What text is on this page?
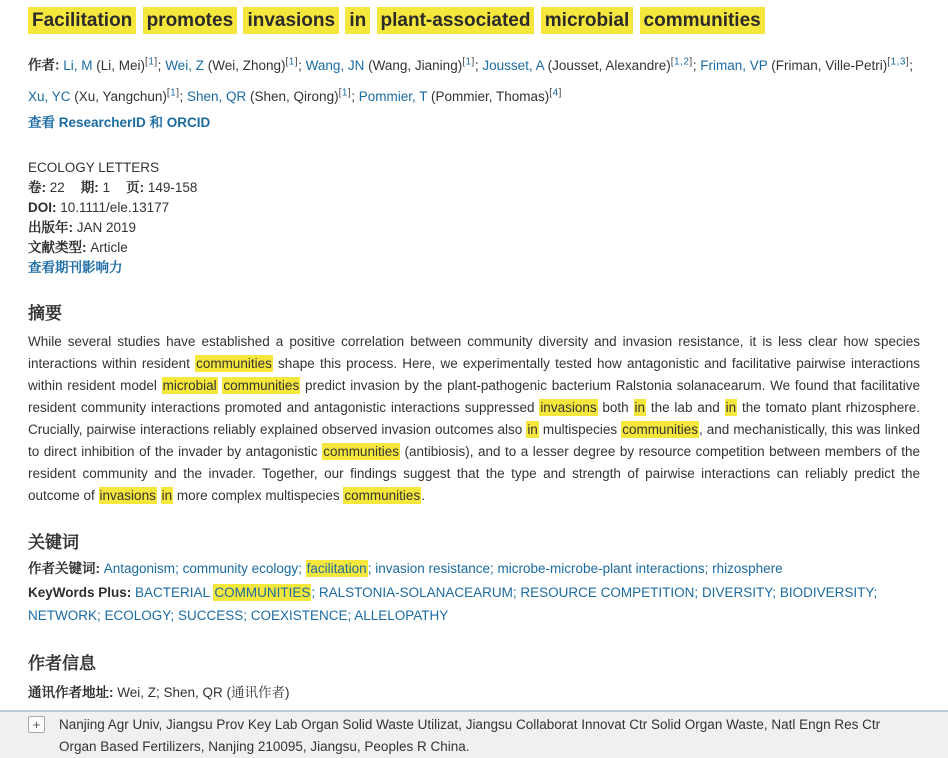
Facilitation promotes invasions in plant-associated microbial communities

作者: Li, M (Li, Mei)[1]; Wei, Z (Wei, Zhong)[1]; Wang, JN (Wang, Jianing)[1]; Jousset, A (Jousset, Alexandre)[1,2]; Friman, VP (Friman, Ville-Petri)[1,3]; Xu, YC (Xu, Yangchun)[1]; Shen, QR (Shen, Qirong)[1]; Pommier, T (Pommier, Thomas)[4]

查看 ResearcherID 和 ORCID

ECOLOGY LETTERS
卷: 22 期: 1 页: 149-158
DOI: 10.1111/ele.13177
出版年: JAN 2019
文献类型: Article
查看期刊影响力
摘要

While several studies have established a positive correlation between community diversity and invasion resistance, it is less clear how species interactions within resident communities shape this process. Here, we experimentally tested how antagonistic and facilitative pairwise interactions within resident model microbial communities predict invasion by the plant-pathogenic bacterium Ralstonia solanacearum. We found that facilitative resident community interactions promoted and antagonistic interactions suppressed invasions both in the lab and in the tomato plant rhizosphere. Crucially, pairwise interactions reliably explained observed invasion outcomes also in multispecies communities, and mechanistically, this was linked to direct inhibition of the invader by antagonistic communities (antibiosis), and to a lesser degree by resource competition between members of the resident community and the invader. Together, our findings suggest that the type and strength of pairwise interactions can reliably predict the outcome of invasions in more complex multispecies communities.

关键词

作者关键词: Antagonism; community ecology; facilitation; invasion resistance; microbe-microbe-plant interactions; rhizosphere

KeyWords Plus: BACTERIAL COMMUNITIES; RALSTONIA-SOLANACEARUM; RESOURCE COMPETITION; DIVERSITY; BIODIVERSITY; NETWORK; ECOLOGY; SUCCESS; COEXISTENCE; ALLELOPATHY

作者信息

通讯作者地址: Wei, Z; Shen, QR (通讯作者)

+	Nanjing Agr Univ, Jiangsu Prov Key Lab Organ Solid Waste Utilizat, Jiangsu Collaborat Innovat Ctr Solid Organ Waste, Natl Engn Res Ctr Organ Based Fertilizers, Nanjing 210095, Jiangsu, Peoples R China.
